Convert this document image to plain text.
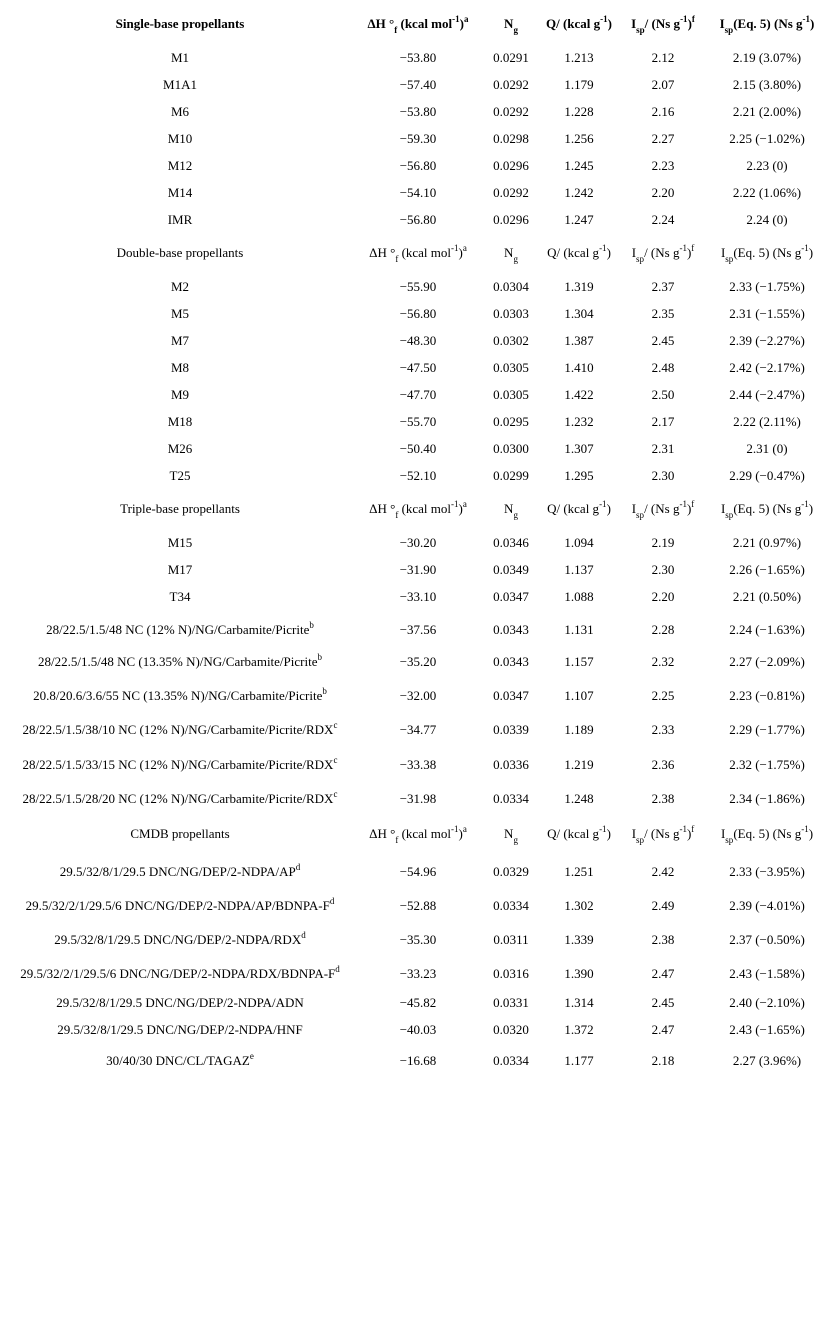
Single-base propellants	ΔH $^\circ_f$ (kcal mol$^{-1}$)$^a$	$N_g$	Q/ (kcal $g^{-1}$)	$I_{sp}/$ (Ns $g^{-1})^f$	$I_{sp}(Eq$. 5) (Ns $g^{-1}$)
M1	−53.80	0.0291	1.213	2.12	2.19 (3.07%)
M1A1	−57.40	0.0292	1.179	2.07	2.15 (3.80%)
M6	−53.80	0.0292	1.228	2.16	2.21 (2.00%)
M10	−59.30	0.0298	1.256	2.27	2.25 (−1.02%)
M12	−56.80	0.0296	1.245	2.23	2.23 (0)
M14	−54.10	0.0292	1.242	2.20	2.22 (1.06%)
IMR	−56.80	0.0296	1.247	2.24	2.24 (0)
Double-base propellants	ΔH $^\circ_f$ (kcal mol$^{-1}$)$^a$	$N_g$	Q/ (kcal $g^{-1}$)	$I_{sp}/$ (Ns $g^{-1})^f$	$I_{sp}(Eq$. 5) (Ns $g^{-1}$)
M2	−55.90	0.0304	1.319	2.37	2.33 (−1.75%)
M5	−56.80	0.0303	1.304	2.35	2.31 (−1.55%)
M7	−48.30	0.0302	1.387	2.45	2.39 (−2.27%)
M8	−47.50	0.0305	1.410	2.48	2.42 (−2.17%)
M9	−47.70	0.0305	1.422	2.50	2.44 (−2.47%)
M18	−55.70	0.0295	1.232	2.17	2.22 (2.11%)
M26	−50.40	0.0300	1.307	2.31	2.31 (0)
T25	−52.10	0.0299	1.295	2.30	2.29 (−0.47%)
Triple-base propellants	ΔH $^\circ_f$ (kcal mol$^{-1}$)$^a$	$N_g$	Q/ (kcal $g^{-1}$)	$I_{sp}/$ (Ns $g^{-1})^f$	$I_{sp}(Eq$. 5) (Ns $g^{-1}$)
M15	−30.20	0.0346	1.094	2.19	2.21 (0.97%)
M17	−31.90	0.0349	1.137	2.30	2.26 (−1.65%)
T34	−33.10	0.0347	1.088	2.20	2.21 (0.50%)
28/22.5/1.5/48 NC (12% N)/NG/Carbamite/Picrite$^b$	−37.56	0.0343	1.131	2.28	2.24 (−1.63%)
28/22.5/1.5/48 NC (13.35% N)/NG/Carbamite/Picrite$^b$	−35.20	0.0343	1.157	2.32	2.27 (−2.09%)
20.8/20.6/3.6/55 NC (13.35% N)/NG/Carbamite/Picrite$^b$	−32.00	0.0347	1.107	2.25	2.23 (−0.81%)
28/22.5/1.5/38/10 NC (12% $N)/NG/Carbamite/Picrite/RDX^c$	−34.77	0.0339	1.189	2.33	2.29 (−1.77%)
28/22.5/1.5/33/15 NC (12% $N)/NG/Carbamite/Picrite/RDX^c$	−33.38	0.0336	1.219	2.36	2.32 (−1.75%)
28/22.5/1.5/28/20 NC (12% $N)/NG/Carbamite/Picrite/RDX^c$	−31.98	0.0334	1.248	2.38	2.34 (−1.86%)
CMDB propellants	ΔH $^\circ_f$ (kcal mol$^{-1}$)$^a$	$N_g$	Q/ (kcal $g^{-1}$)	$I_{sp}/$ (Ns $g^{-1})^f$	$I_{sp}(Eq$. 5) (Ns $g^{-1}$)
29.5/32/8/1/29.5 DNC/$NG/DEP/2-NDPA/AP^d$	−54.96	0.0329	1.251	2.42	2.33 (−3.95%)
29.5/32/2/1/29.5/6 DNC/$NG/DEP/2-NDPA/AP/BDNPA-F^d$	−52.88	0.0334	1.302	2.49	2.39 (−4.01%)
29.5/32/8/1/29.5 DNC/$NG/DEP/2-NDPA/RDX^d$	−35.30	0.0311	1.339	2.38	2.37 (−0.50%)
29.5/32/2/1/29.5/6 DNC/$NG/DEP/2-NDPA/RDX/BDNPA-F^d$	−33.23	0.0316	1.390	2.47	2.43 (−1.58%)
29.5/32/8/1/29.5 DNC/NG/DEP/2-NDPA/ADN	−45.82	0.0331	1.314	2.45	2.40 (−2.10%)
29.5/32/8/1/29.5 DNC/NG/DEP/2-NDPA/HNF	−40.03	0.0320	1.372	2.47	2.43 (−1.65%)
30/40/30 DNC/$CL/TAGAZ^e$	−16.68	0.0334	1.177	2.18	2.27 (3.96%)
